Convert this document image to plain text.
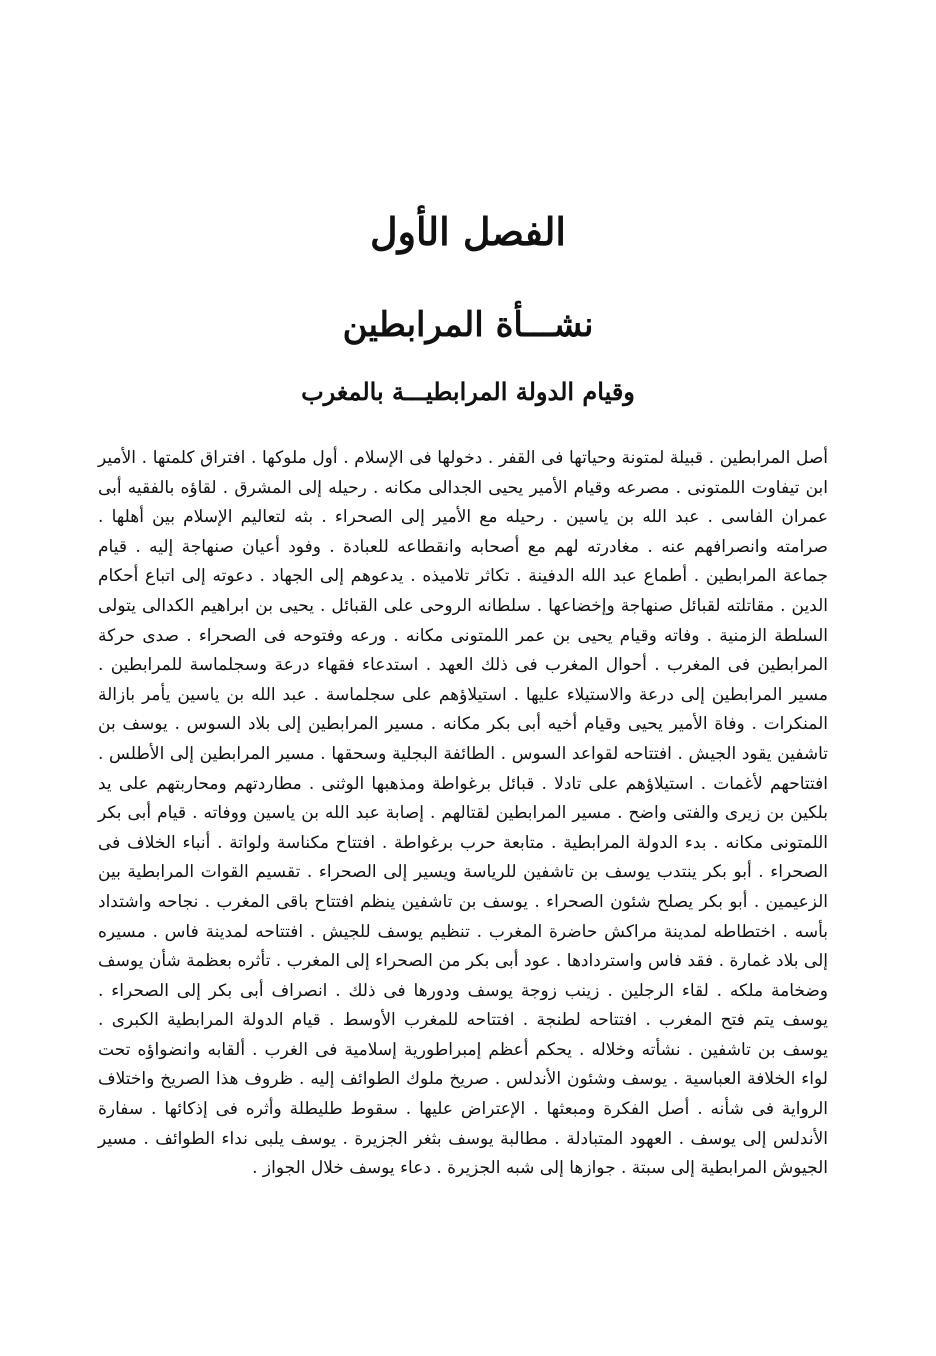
الفصل الأول
نشـــأة المرابطين
وقيام الدولة المرابطيـــة بالمغرب

أصل المرابطين . قبيلة لمتونة وحياتها فى القفر . دخولها فى الإسلام . أول ملوكها . افتراق كلمتها . الأمير ابن تيفاوت اللمتونى . مصرعه وقيام الأمير يحيى الجدالى مكانه . رحيله إلى المشرق . لقاؤه بالفقيه أبى عمران الفاسى . عبد الله بن ياسين . رحيله مع الأمير إلى الصحراء . بثه لتعاليم الإسلام بين أهلها . صرامته وانصرافهم عنه . مغادرته لهم مع أصحابه وانقطاعه للعبادة . وفود أعيان صنهاجة إليه . قيام جماعة المرابطين . أطماع عبد الله الدفينة . تكاثر تلاميذه . يدعوهم إلى الجهاد . دعوته إلى اتباع أحكام الدين . مقاتلته لقبائل صنهاجة وإخضاعها . سلطانه الروحى على القبائل . يحيى بن ابراهيم الكدالى يتولى السلطة الزمنية . وفاته وقيام يحيى بن عمر اللمتونى مكانه . ورعه وفتوحه فى الصحراء . صدى حركة المرابطين فى المغرب . أحوال المغرب فى ذلك العهد . استدعاء فقهاء درعة وسجلماسة للمرابطين . مسير المرابطين إلى درعة والاستيلاء عليها . استيلاؤهم على سجلماسة . عبد الله بن ياسين يأمر بازالة المنكرات . وفاة الأمير يحيى وقيام أخيه أبى بكر مكانه . مسير المرابطين إلى بلاد السوس . يوسف بن تاشفين يقود الجيش . افتتاحه لقواعد السوس . الطائفة البجلية وسحقها . مسير المرابطين إلى الأطلس . افتتاحهم لأغمات . استيلاؤهم على تادلا . قبائل برغواطة ومذهبها الوثنى . مطاردتهم ومحاربتهم على يد بلكين بن زيرى والفتى واضح . مسير المرابطين لقتالهم . إصابة عبد الله بن ياسين ووفاته . قيام أبى بكر اللمتونى مكانه . بدء الدولة المرابطية . متابعة حرب برغواطة . افتتاح مكناسة ولواتة . أنباء الخلاف فى الصحراء . أبو بكر ينتدب يوسف بن تاشفين للرياسة ويسير إلى الصحراء . تقسيم القوات المرابطية بين الزعيمين . أبو بكر يصلح شئون الصحراء . يوسف بن تاشفين ينظم افتتاح باقى المغرب . نجاحه واشتداد بأسه . اختطاطه لمدينة مراكش حاضرة المغرب . تنظيم يوسف للجيش . افتتاحه لمدينة فاس . مسيره إلى بلاد غمارة . فقد فاس واستردادها . عود أبى بكر من الصحراء إلى المغرب . تأثره بعظمة شأن يوسف وضخامة ملكه . لقاء الرجلين . زينب زوجة يوسف ودورها فى ذلك . انصراف أبى بكر إلى الصحراء . يوسف يتم فتح المغرب . افتتاحه لطنجة . افتتاحه للمغرب الأوسط . قيام الدولة المرابطية الكبرى . يوسف بن تاشفين . نشأته وخلاله . يحكم أعظم إمبراطورية إسلامية فى الغرب . ألقابه وانضواؤه تحت لواء الخلافة العباسية . يوسف وشئون الأندلس . صريخ ملوك الطوائف إليه . ظروف هذا الصريخ واختلاف الرواية فى شأنه . أصل الفكرة ومبعثها . الإعتراض عليها . سقوط طليطلة وأثره فى إذكائها . سفارة الأندلس إلى يوسف . العهود المتبادلة . مطالبة يوسف بثغر الجزيرة . يوسف يلبى نداء الطوائف . مسير الجيوش المرابطية إلى سبتة . جوازها إلى شبه الجزيرة . دعاء يوسف خلال الجواز .
